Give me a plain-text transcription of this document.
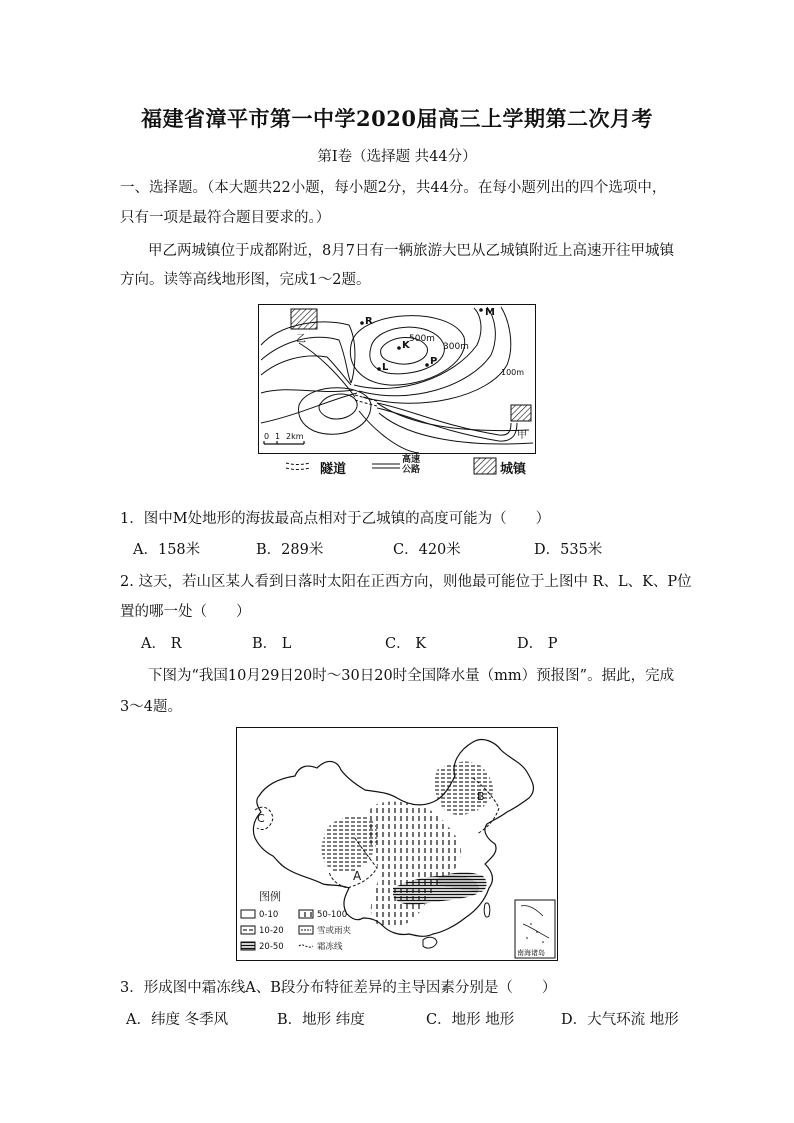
福建省漳平市第一中学2020届高三上学期第二次月考
第Ⅰ卷（选择题 共44分）
一、选择题。（本大题共22小题，每小题2分，共44分。在每小题列出的四个选项中，
只有一项是最符合题目要求的。）
甲乙两城镇位于成都附近，8月7日有一辆旅游大巴从乙城镇附近上高速开往甲城镇
方向。读等高线地形图，完成1～2题。
乙
甲
R
K
L
P
M
500m
300m
100m
0 1 2km
隧道
高速公路	城镇
1．图中M处地形的海拔最高点相对于乙城镇的高度可能为（　　）
A．158米	B．289米	C．420米	D．535米
2. 这天，若山区某人看到日落时太阳在正西方向，则他最可能位于上图中 R、L、K、P位
置的哪一处（　　）
A． R	B． L	C． K	D． P
下图为“我国10月29日20时～30日20时全国降水量（mm）预报图”。据此，完成
3～4题。
A
B
C
南海诸岛
图例
0-10	50-100
10-20	雪或雨夹
20-50	霜冻线
3．形成图中霜冻线A、B段分布特征差异的主导因素分别是（　　）
A．纬度 冬季风	B．地形 纬度	C．地形 地形	D．大气环流 地形
